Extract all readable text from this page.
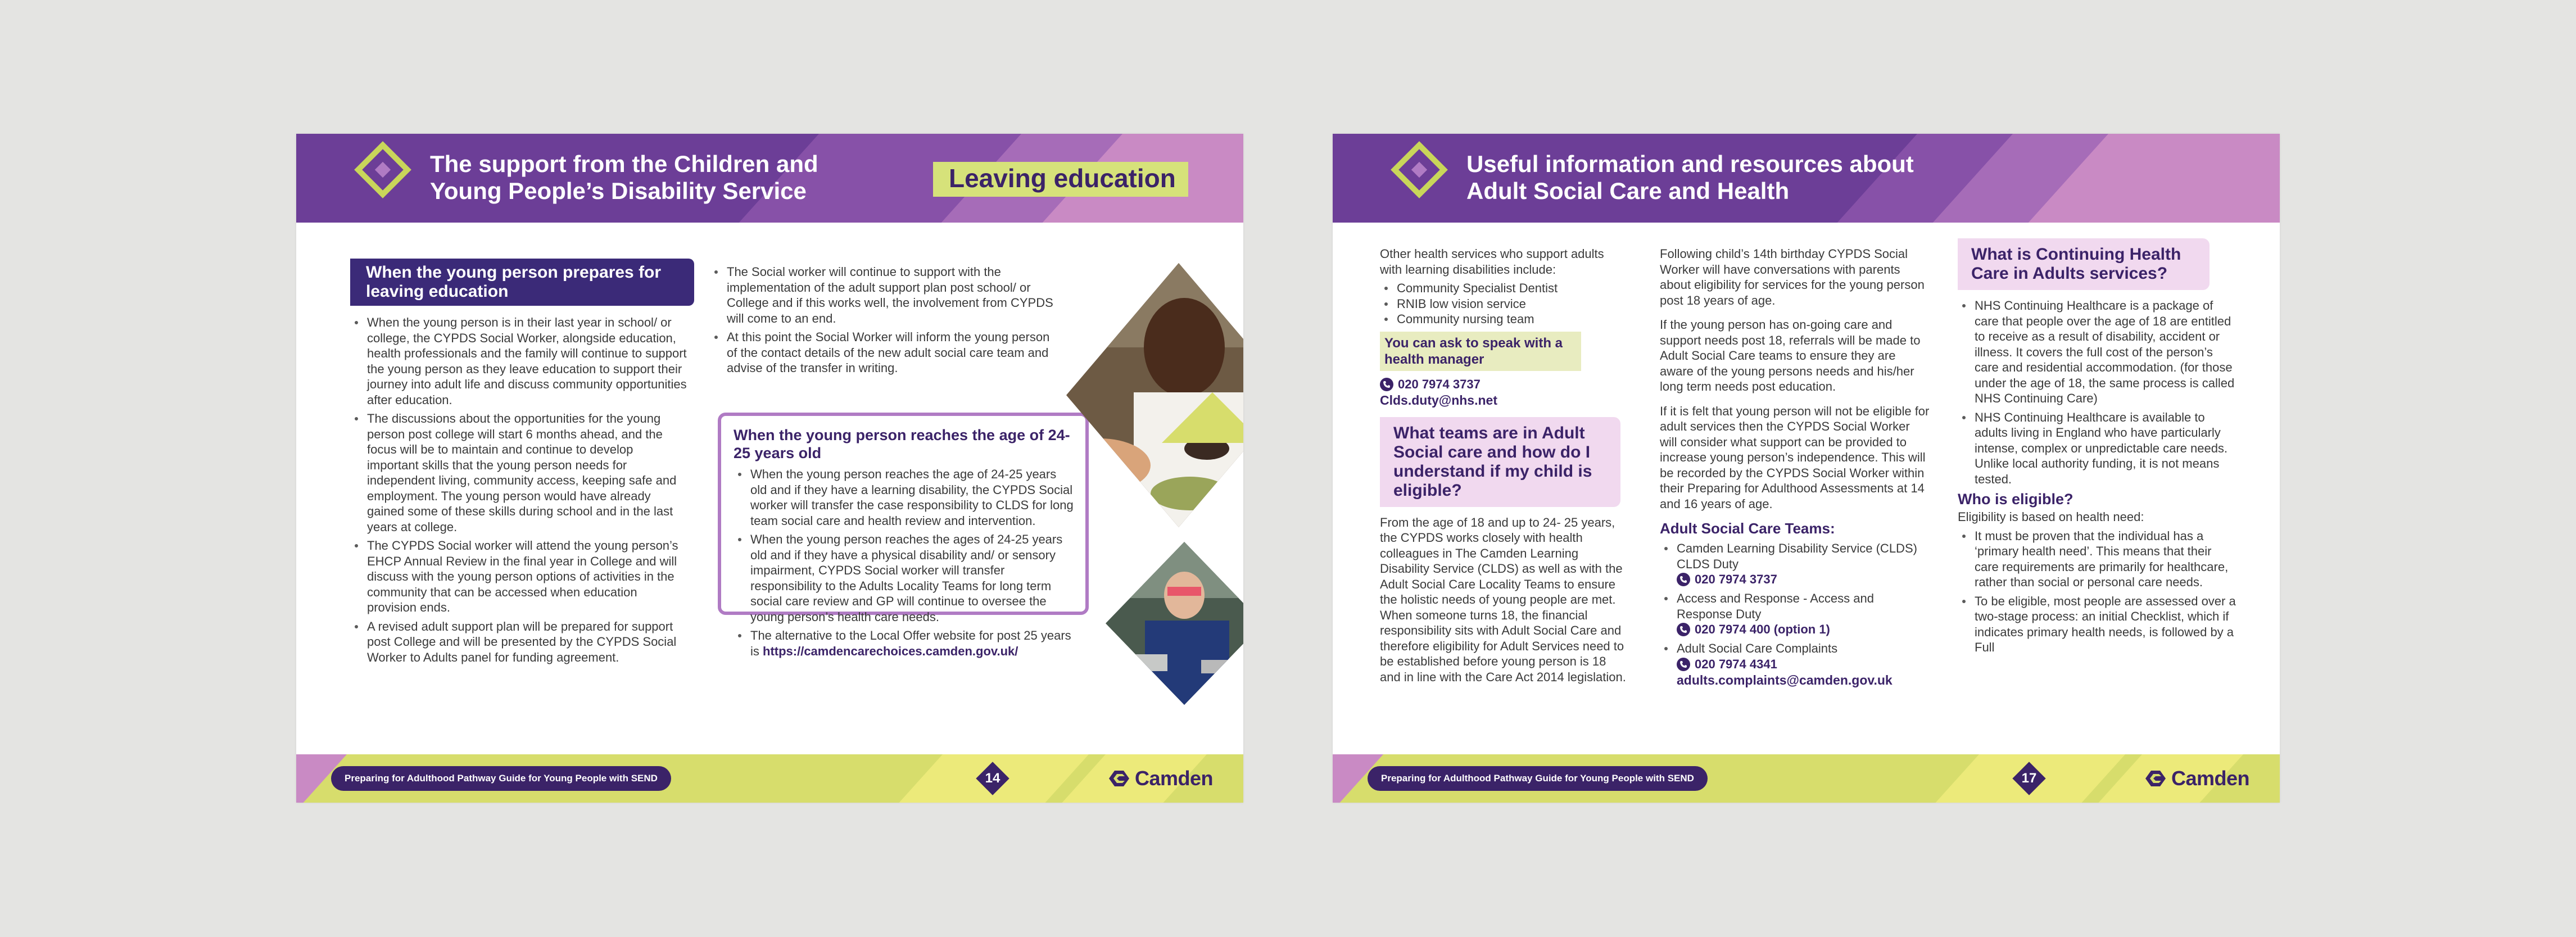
The support from the Children and Young People’s Disability Service	Leaving education
When the young person prepares for leaving education
When the young person is in their last year in school/ or college, the CYPDS Social Worker, alongside education, health professionals and the family will continue to support the young person as they leave education to support their journey into adult life and discuss community opportunities after education.
The discussions about the opportunities for the young person post college will start 6 months ahead, and the focus will be to maintain and continue to develop important skills that the young person needs for independent living, community access, keeping safe and employment. The young person would have already gained some of these skills during school and in the last years at college.
The CYPDS Social worker will attend the young person’s EHCP Annual Review in the final year in College and will discuss with the young person options of activities in the community that can be accessed when education provision ends.
A revised adult support plan will be prepared for support post College and will be presented by the CYPDS Social Worker to Adults panel for funding agreement.
The Social worker will continue to support with the implementation of the adult support plan post school/ or College and if this works well, the involvement from CYPDS will come to an end.
At this point the Social Worker will inform the young person of the contact details of the new adult social care team and advise of the transfer in writing.
When the young person reaches the age of 24-25 years old
When the young person reaches the age of 24-25 years old and if they have a learning disability, the CYPDS Social worker will transfer the case responsibility to CLDS for long team social care and health review and intervention.
When the young person reaches the ages of 24-25 years old and if they have a physical disability and/ or sensory impairment, CYPDS Social worker will transfer responsibility to the Adults Locality Teams for long term social care review and GP will continue to oversee the young person’s health care needs.
The alternative to the Local Offer website for post 25 years is https://camdencarechoices.camden.gov.uk/
Preparing for Adulthood Pathway Guide for Young People with SEND	14	Camden
Useful information and resources about Adult Social Care and Health

Other health services who support adults with learning disabilities include:

Community Specialist Dentist
RNIB low vision service
Community nursing team
You can ask to speak with a health manager
020 7974 3737
Clds.duty@nhs.net
What teams are in Adult Social care and how do I understand if my child is eligible?

From the age of 18 and up to 24- 25 years, the CYPDS works closely with health colleagues in The Camden Learning Disability Service (CLDS) as well as with the Adult Social Care Locality Teams to ensure the holistic needs of young people are met. When someone turns 18, the financial responsibility sits with Adult Social Care and therefore eligibility for Adult Services need to be established before young person is 18 and in line with the Care Act 2014 legislation.

Following child’s 14th birthday CYPDS Social Worker will have conversations with parents about eligibility for services for the young person post 18 years of age.

If the young person has on-going care and support needs post 18, referrals will be made to Adult Social Care teams to ensure they are aware of the young persons needs and his/her long term needs post education.

If it is felt that young person will not be eligible for adult services then the CYPDS Social Worker will consider what support can be provided to increase young person’s independence. This will be recorded by the CYPDS Social Worker within their Preparing for Adulthood Assessments at 14 and 16 years of age.

Adult Social Care Teams:
Camden Learning Disability Service (CLDS) CLDS Duty
020 7974 3737
Access and Response - Access and Response Duty
020 7974 400 (option 1)
Adult Social Care Complaints
020 7974 4341
adults.complaints@camden.gov.uk
What is Continuing Health Care in Adults services?
NHS Continuing Healthcare is a package of care that people over the age of 18 are entitled to receive as a result of disability, accident or illness. It covers the full cost of the person’s care and residential accommodation. (for those under the age of 18, the same process is called NHS Continuing Care)
NHS Continuing Healthcare is available to adults living in England who have particularly intense, complex or unpredictable care needs. Unlike local authority funding, it is not means tested.
Who is eligible?

Eligibility is based on health need:

It must be proven that the individual has a ‘primary health need’. This means that their care requirements are primarily for healthcare, rather than social or personal care needs.
To be eligible, most people are assessed over a two-stage process: an initial Checklist, which if indicates primary health needs, is followed by a Full
Preparing for Adulthood Pathway Guide for Young People with SEND	17	Camden
